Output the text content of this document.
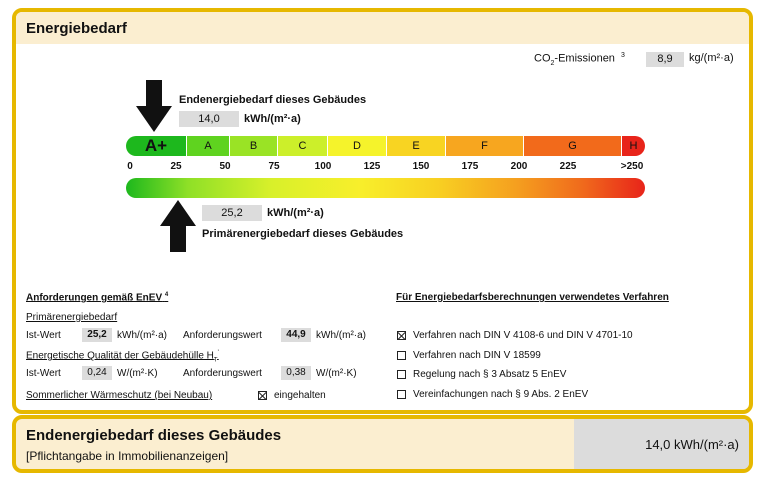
Energiebedarf
$CO_2$-Emissionen $^3$	8,9	kg/(m²·a)
Endenergiebedarf dieses Gebäudes
14,0	kWh/(m²·a)
A+	A	B	C	D	E	F	G	H
0	25	50	75	100	125	150	175	200	225	>250
25,2	kWh/(m²·a)
Primärenergiebedarf dieses Gebäudes
Anforderungen gemäß EnEV $^4$
Primärenergiebedarf
Ist-Wert	25,2	kWh/(m²·a) Anforderungswert	44,9	kWh/(m²·a)
Energetische Qualität der Gebäudehülle $H_T'$
Ist-Wert	0,24	W/(m²·K)	Anforderungswert	0,38	W/(m²·K)
Sommerlicher Wärmeschutz (bei Neubau)	eingehalten
Für Energiebedarfsberechnungen verwendetes Verfahren
Verfahren nach DIN V 4108-6 und DIN V 4701-10
Verfahren nach DIN V 18599
Regelung nach § 3 Absatz 5 EnEV
Vereinfachungen nach § 9 Abs. 2 EnEV
Endenergiebedarf dieses Gebäudes
[Pflichtangabe in Immobilienanzeigen]
14,0 kWh/(m²·a)
